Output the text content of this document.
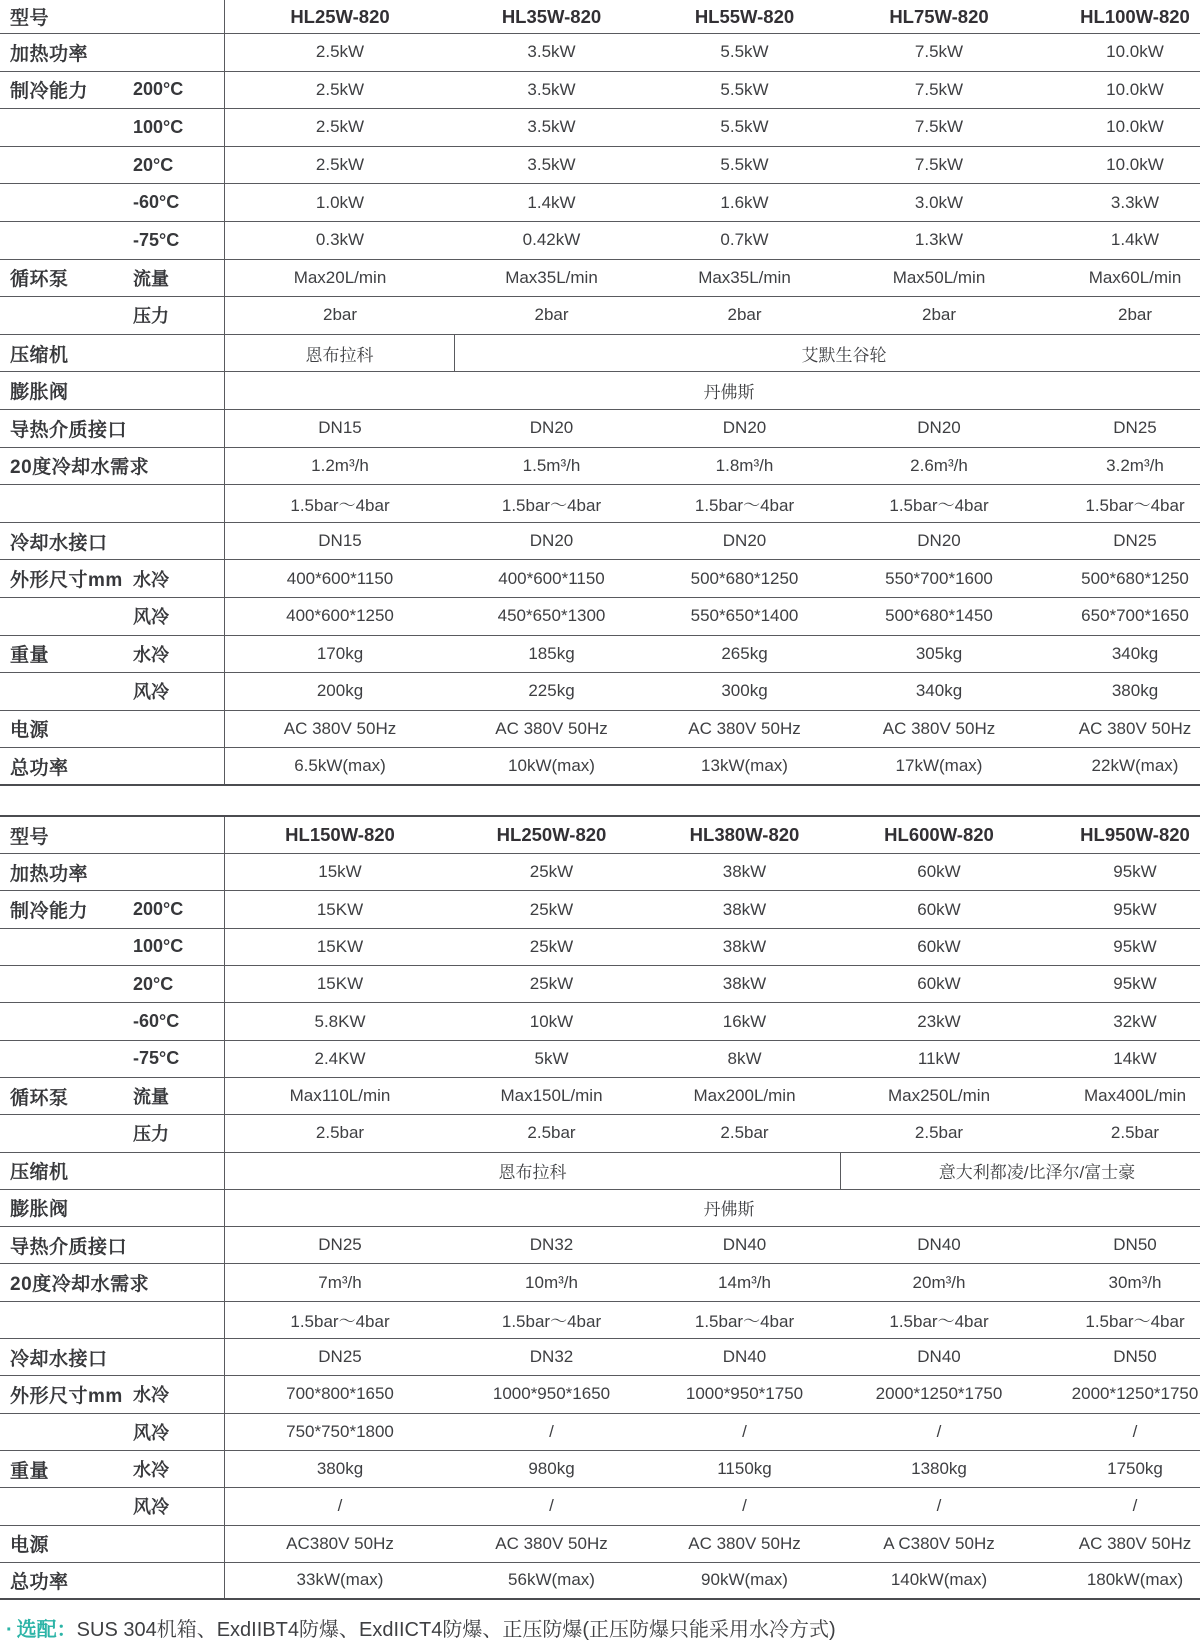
型号	HL25W-820	HL35W-820	HL55W-820	HL75W-820	HL100W-820
加热功率	2.5kW	3.5kW	5.5kW	7.5kW	10.0kW
制冷能力	200°C	2.5kW	3.5kW	5.5kW	7.5kW	10.0kW
100°C	2.5kW	3.5kW	5.5kW	7.5kW	10.0kW
20°C	2.5kW	3.5kW	5.5kW	7.5kW	10.0kW
-60°C	1.0kW	1.4kW	1.6kW	3.0kW	3.3kW
-75°C	0.3kW	0.42kW	0.7kW	1.3kW	1.4kW
循环泵	流量	Max20L/min	Max35L/min	Max35L/min	Max50L/min	Max60L/min
压力	2bar	2bar	2bar	2bar	2bar
压缩机	恩布拉科	艾默生谷轮
膨胀阀	丹佛斯
导热介质接口	DN15	DN20	DN20	DN20	DN25
20度冷却水需求	1.2m³/h	1.5m³/h	1.8m³/h	2.6m³/h	3.2m³/h
1.5bar～4bar	1.5bar～4bar	1.5bar～4bar	1.5bar～4bar	1.5bar～4bar
冷却水接口	DN15	DN20	DN20	DN20	DN25
外形尺寸mm 水冷	400*600*1150	400*600*1150	500*680*1250	550*700*1600	500*680*1250
风冷	400*600*1250	450*650*1300	550*650*1400	500*680*1450	650*700*1650
重量	水冷	170kg	185kg	265kg	305kg	340kg
风冷	200kg	225kg	300kg	340kg	380kg
电源	AC 380V 50Hz	AC 380V 50Hz	AC 380V 50Hz	AC 380V 50Hz	AC 380V 50Hz
总功率	6.5kW(max)	10kW(max)	13kW(max)	17kW(max)	22kW(max)
型号	HL150W-820	HL250W-820	HL380W-820	HL600W-820	HL950W-820
加热功率	15kW	25kW	38kW	60kW	95kW
制冷能力	200°C	15KW	25kW	38kW	60kW	95kW
100°C	15KW	25kW	38kW	60kW	95kW
20°C	15KW	25kW	38kW	60kW	95kW
-60°C	5.8KW	10kW	16kW	23kW	32kW
-75°C	2.4KW	5kW	8kW	11kW	14kW
循环泵	流量	Max110L/min	Max150L/min	Max200L/min	Max250L/min	Max400L/min
压力	2.5bar	2.5bar	2.5bar	2.5bar	2.5bar
压缩机	恩布拉科	意大利都凌/比泽尔/富士豪
膨胀阀	丹佛斯
导热介质接口	DN25	DN32	DN40	DN40	DN50
20度冷却水需求	7m³/h	10m³/h	14m³/h	20m³/h	30m³/h
1.5bar～4bar	1.5bar～4bar	1.5bar～4bar	1.5bar～4bar	1.5bar～4bar
冷却水接口	DN25	DN32	DN40	DN40	DN50
外形尺寸mm 水冷	700*800*1650	1000*950*1650	1000*950*1750	2000*1250*1750	2000*1250*1750
风冷	750*750*1800	/	/	/	/
重量	水冷	380kg	980kg	1150kg	1380kg	1750kg
风冷	/	/	/	/	/
电源	AC380V 50Hz	AC 380V 50Hz	AC 380V 50Hz	A C380V 50Hz	AC 380V 50Hz
总功率	33kW(max)	56kW(max)	90kW(max)	140kW(max)	180kW(max)
· 选配：SUS 304机箱、ExdIIBT4防爆、ExdIICT4防爆、正压防爆(正压防爆只能采用水冷方式)
